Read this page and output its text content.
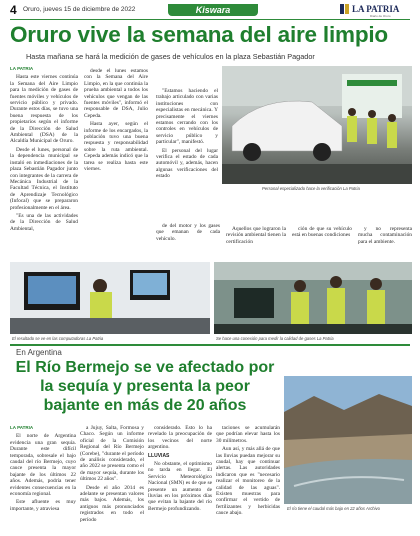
4 Oruro, jueves 15 de diciembre de 2022	Kiswara	LA PATRIA
Diario de Oruro
Oruro vive la semana del aire limpio
Hasta mañana se hará la medición de gases de vehículos en la plaza Sebastián Pagador
LA PATRIA

Hasta este viernes continúa la Semana del Aire Limpio para la medición de gases de fuentes móviles y vehículos de servicio público y privado. Durante estos días, se tuvo una buena respuesta de los propietarios según el informe de la Dirección de Salud Ambiental (DSA) de la Alcaldía Municipal de Oruro.

Desde el lunes, personal de la dependencia municipal se instaló en inmediaciones de la plaza Sebastián Pagador junto con integrantes de la carrera de Mecánica Industrial de la Facultad Técnica, el Instituto de Aprendizaje Tecnológico (Infocal) que se prepararon profesionalmente en el área.

"Es una de las actividades de la Dirección de Salud Ambiental,

desde el lunes estamos con la Semana del Aire Limpio, en la que continúa la prueba ambiental a todos los vehículos que vengan de las fuentes móviles", informó el responsable de DSA, Julio Cepeda.

Hasta ayer, según el informe de los encargados, la población tuvo una buena respuesta y responsabilidad sobre la ruta ambiental. Cepeda además indicó que la tarea se realiza hasta este viernes.

"Estamos haciendo el trabajo articulado con varias instituciones con especialistas en mecánica. Y precisamente el viernes estamos cerrando con los controles en vehículos de servicio público y particular", manifestó.

El personal del lugar verifica el estado de cada automóvil y, además, hacen algunas verificaciones del estado

de del motor y los gases que emanan de cada vehículo.

Aquellos que lograron la revisión ambiental tienen la certificación

ción de que su vehículo está en buenas condiciones

y no representa mucha contaminación para el ambiente.

Personal especializado hace la verificación La Patria
El resultado se ve en las computadoras La Patria	Se hace una conexión para medir la calidad de gases La Patria
En Argentina
El Río Bermejo se ve afectado por la sequía y presenta la peor bajante en más de 20 años
LA PATRIA

El norte de Argentina evidencia una gran sequía. Durante este difícil temporada, sobresale el bajo caudal del río Bermejo, cuyo cauce presenta la mayor bajante de los últimos 22 años. Además, podría tener evidentes consecuencias en la economía regional.

Este afluente es muy importante, y atraviesa

a Jujuy, Salta, Formosa y Chaco. Según un informe oficial de la Comisión Regional del Río Bermejo (Corebe), "durante el período de análisis considerado, el año 2022 se presenta como el de mayor sequía, durante los últimos 22 años".

Desde el año 2014 es adelante se presentan valores más bajos. Además, los antiguos más pronunciados registrados en todo el período

considerado. Esto lo ha revelado la preocupación de los vecinos del norte argentino.

LLUVIAS

No obstante, el optimismo no tarda en llegar. El Servicio Meteorológico Nacional (SMN) es de que se presente un aumento de lluvias en los próximos días que evitan la bajante del río Bermejo profundizando.

taciones se acumularán que podrían elevar hasta los 30 milímetros.

Aun así, y más allá de que las lluvias puedan mejorar su caudal, hay que continuar alertas. Las autoridades indicaron que es "necesario realizar el monitoreo de la calidad de las aguas". Existen muestras para confirmar el vertido de fertilizantes y herbicidas cauce abajo.

El río tiene el caudal más bajo en 22 años Archivo
